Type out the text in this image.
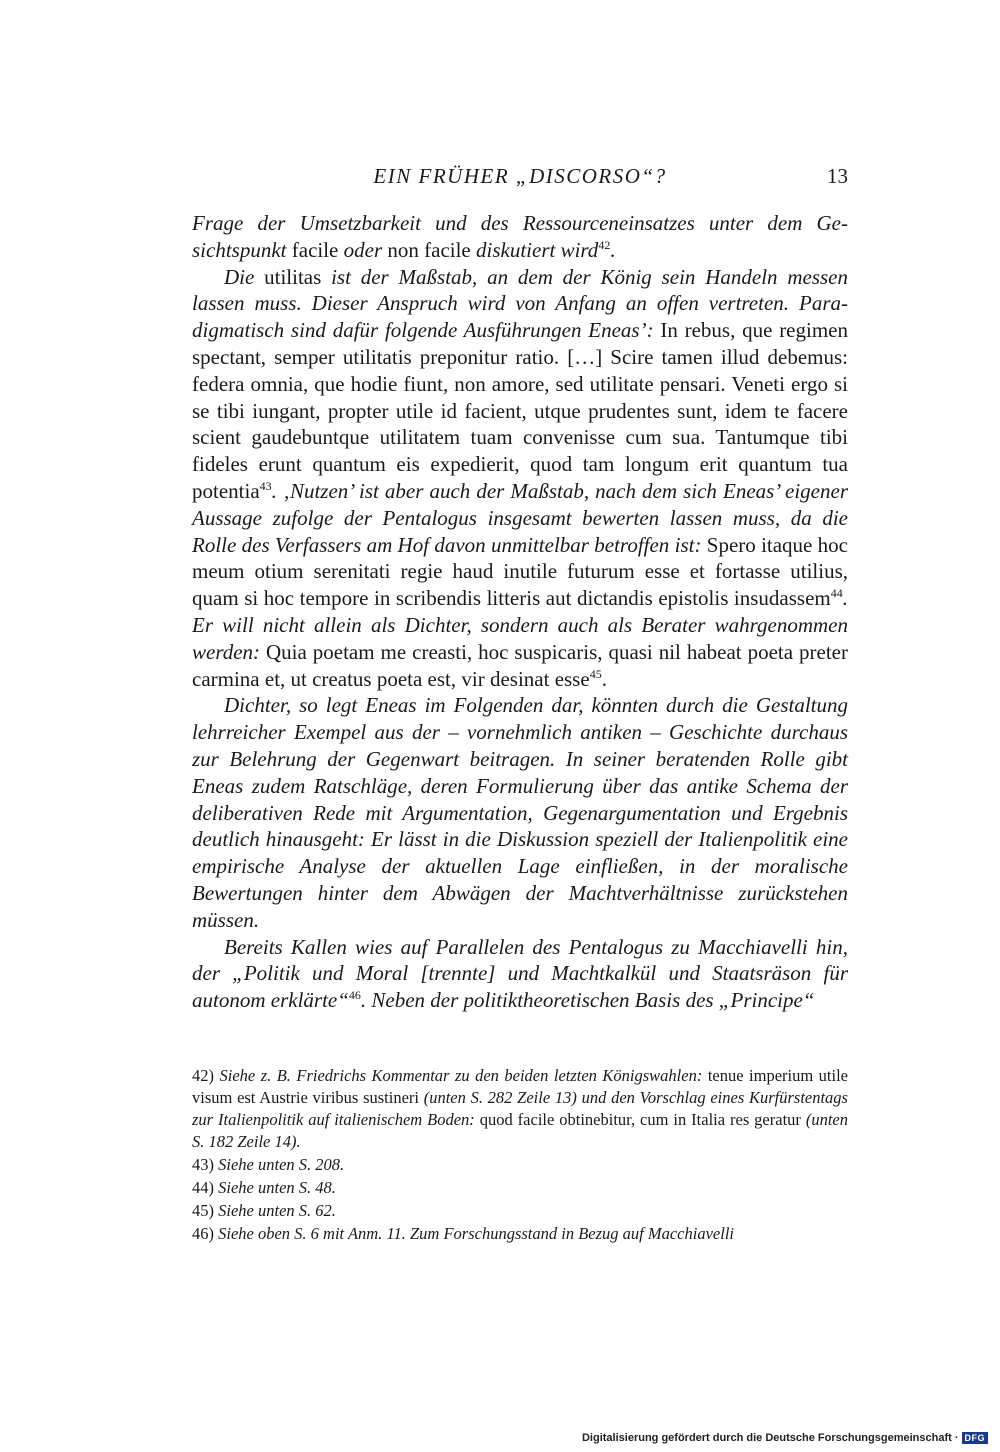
EIN FRÜHER „DISCORSO“?	13

Frage der Umsetzbarkeit und des Ressourceneinsatzes unter dem Gesichtspunkt facile oder non facile diskutiert wird$^{42}$.

Die utilitas ist der Maßstab, an dem der König sein Handeln messen lassen muss. Dieser Anspruch wird von Anfang an offen vertreten. Paradigmatisch sind dafür folgende Ausführungen Eneas’: In rebus, que regimen spectant, semper utilitatis preponitur ratio. […] Scire tamen illud debemus: federa omnia, que hodie fiunt, non amore, sed utilitate pensari. Veneti ergo si se tibi iungant, propter utile id facient, utque prudentes sunt, idem te facere scient gaudebuntque utilitatem tuam convenisse cum sua. Tantumque tibi fideles erunt quantum eis expedierit, quod tam longum erit quantum tua potentia$^{43}$. ‚Nutzen’ ist aber auch der Maßstab, nach dem sich Eneas’ eigener Aussage zufolge der Pentalogus insgesamt bewerten lassen muss, da die Rolle des Verfassers am Hof davon unmittelbar betroffen ist: Spero itaque hoc meum otium serenitati regie haud inutile futurum esse et fortasse utilius, quam si hoc tempore in scribendis litteris aut dictandis epistolis insudassem$^{44}$. Er will nicht allein als Dichter, sondern auch als Berater wahrgenommen werden: Quia poetam me creasti, hoc suspicaris, quasi nil habeat poeta preter carmina et, ut creatus poeta est, vir desinat esse$^{45}$.

Dichter, so legt Eneas im Folgenden dar, könnten durch die Gestaltung lehrreicher Exempel aus der – vornehmlich antiken – Geschichte durchaus zur Belehrung der Gegenwart beitragen. In seiner beratenden Rolle gibt Eneas zudem Ratschläge, deren Formulierung über das antike Schema der deliberativen Rede mit Argumentation, Gegenargumentation und Ergebnis deutlich hinausgeht: Er lässt in die Diskussion speziell der Italienpolitik eine empirische Analyse der aktuellen Lage einfließen, in der moralische Bewertungen hinter dem Abwägen der Machtverhältnisse zurückstehen müssen.

Bereits Kallen wies auf Parallelen des Pentalogus zu Macchiavelli hin, der „Politik und Moral [trennte] und Machtkalkül und Staatsräson für autonom erklärte“$^{46}$. Neben der politiktheoretischen Basis des „Principe“

42) Siehe z. B. Friedrichs Kommentar zu den beiden letzten Königswahlen: tenue imperium utile visum est Austrie viribus sustineri (unten S. 282 Zeile 13) und den Vorschlag eines Kurfürstentags zur Italienpolitik auf italienischem Boden: quod facile obtinebitur, cum in Italia res geratur (unten S. 182 Zeile 14).
43) Siehe unten S. 208.
44) Siehe unten S. 48.
45) Siehe unten S. 62.
46) Siehe oben S. 6 mit Anm. 11. Zum Forschungsstand in Bezug auf Macchiavelli
Digitalisierung gefördert durch die Deutsche Forschungsgemeinschaft · DFG
